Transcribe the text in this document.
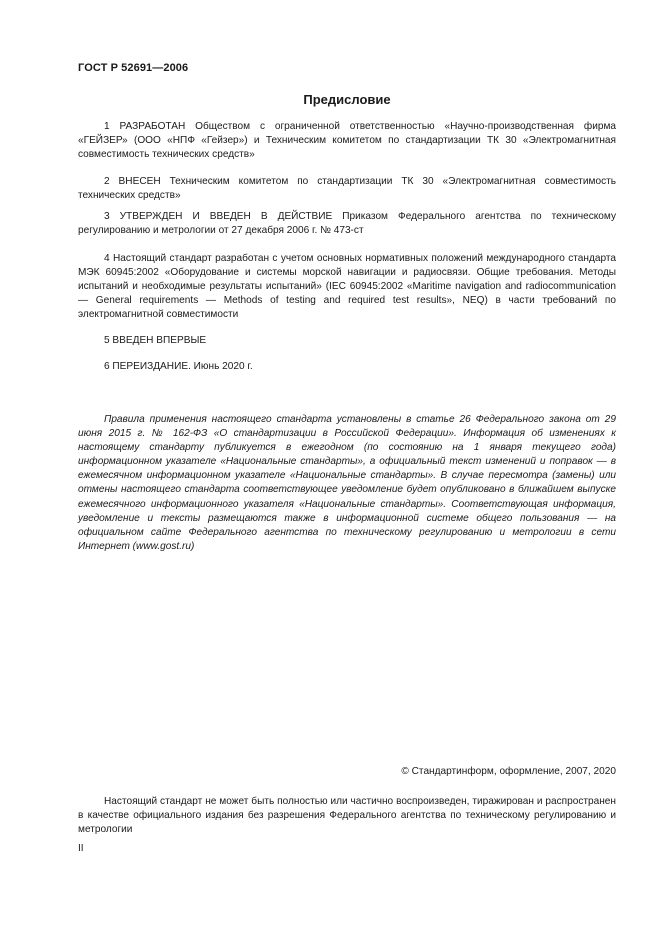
ГОСТ Р 52691—2006
Предисловие

1 РАЗРАБОТАН Обществом с ограниченной ответственностью «Научно-производственная фирма «ГЕЙЗЕР» (ООО «НПФ «Гейзер») и Техническим комитетом по стандартизации ТК 30 «Электромагнитная совместимость технических средств»

2 ВНЕСЕН Техническим комитетом по стандартизации ТК 30 «Электромагнитная совместимость технических средств»

3 УТВЕРЖДЕН И ВВЕДЕН В ДЕЙСТВИЕ Приказом Федерального агентства по техническому регулированию и метрологии от 27 декабря 2006 г. № 473-ст

4 Настоящий стандарт разработан с учетом основных нормативных положений международного стандарта МЭК 60945:2002 «Оборудование и системы морской навигации и радиосвязи. Общие требования. Методы испытаний и необходимые результаты испытаний» (IEC 60945:2002 «Maritime navigation and radiocommunication — General requirements — Methods of testing and required test results», NEQ) в части требований по электромагнитной совместимости

5 ВВЕДЕН ВПЕРВЫЕ

6 ПЕРЕИЗДАНИЕ. Июнь 2020 г.

Правила применения настоящего стандарта установлены в статье 26 Федерального закона от 29 июня 2015 г. № 162-ФЗ «О стандартизации в Российской Федерации». Информация об изменениях к настоящему стандарту публикуется в ежегодном (по состоянию на 1 января текущего года) информационном указателе «Национальные стандарты», а официальный текст изменений и поправок — в ежемесячном информационном указателе «Национальные стандарты». В случае пересмотра (замены) или отмены настоящего стандарта соответствующее уведомление будет опубликовано в ближайшем выпуске ежемесячного информационного указателя «Национальные стандарты». Соответствующая информация, уведомление и тексты размещаются также в информационной системе общего пользования — на официальном сайте Федерального агентства по техническому регулированию и метрологии в сети Интернет (www.gost.ru)

© Стандартинформ, оформление, 2007, 2020

Настоящий стандарт не может быть полностью или частично воспроизведен, тиражирован и распространен в качестве официального издания без разрешения Федерального агентства по техническому регулированию и метрологии

II
